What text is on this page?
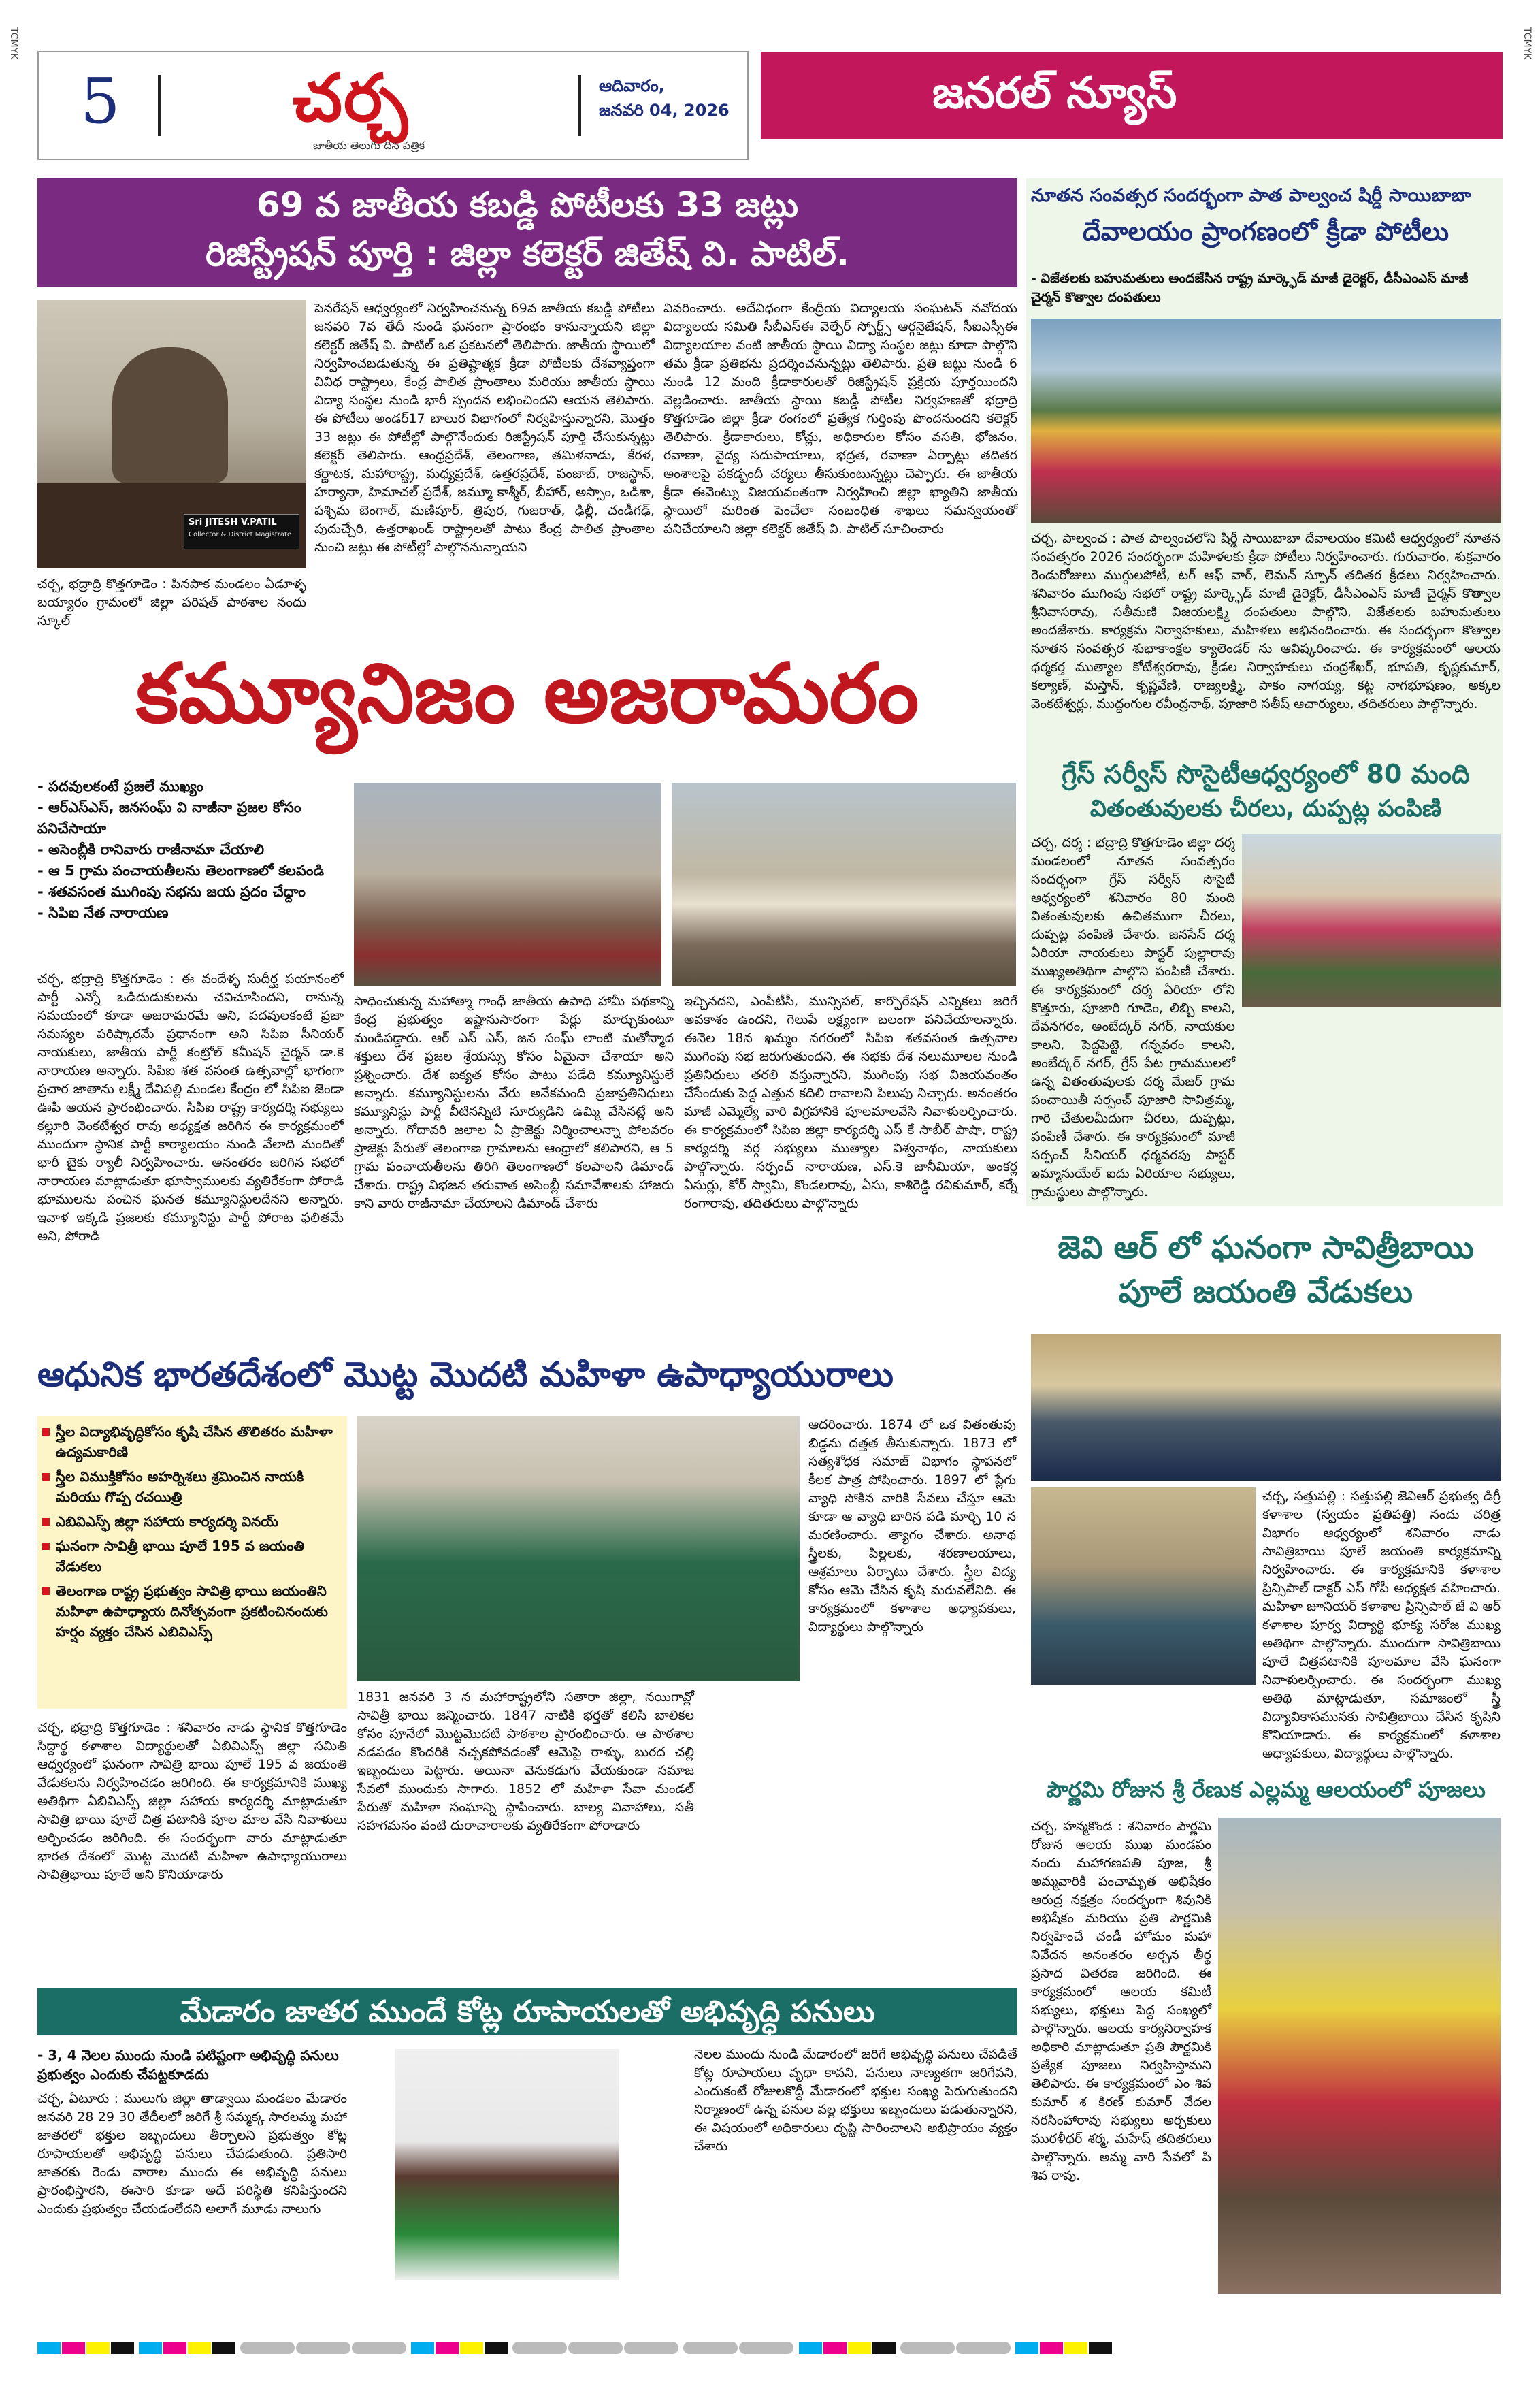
5	చర్చ
జాతీయ తెలుగు దిన పత్రిక
ఆదివారం,
జనవరి 04, 2026	జనరల్ న్యూస్
TCMYK	TCMYK
69 వ జాతీయ కబడ్డి పోటీలకు 33 జట్లు
రిజిస్ట్రేషన్ పూర్తి : జిల్లా కలెక్టర్ జితేష్ వి. పాటిల్.
Sri JITESH V.PATIL
Collector & District Magistrate
చర్చ, భద్రాద్రి కొత్తగూడెం : పినపాక మండలం ఏడూళ్ళ బయ్యారం గ్రామంలో జిల్లా పరిషత్ పాఠశాల నందు స్కూల్
పెనరేషన్ ఆధ్వర్యంలో నిర్వహించనున్న 69వ జాతీయ కబడ్డీ పోటీలు జనవరి 7వ తేదీ నుండి ఘనంగా ప్రారంభం కానున్నాయని జిల్లా కలెక్టర్ జితేష్ వి. పాటిల్ ఒక ప్రకటనలో తెలిపారు. జాతీయ స్థాయిలో నిర్వహించబడుతున్న ఈ ప్రతిష్టాత్మక క్రీడా పోటీలకు దేశవ్యాప్తంగా వివిధ రాష్ట్రాలు, కేంద్ర పాలిత ప్రాంతాలు మరియు జాతీయ స్థాయి విద్యా సంస్థల నుండి భారీ స్పందన లభించిందని ఆయన తెలిపారు. ఈ పోటీలు అండర్17 బాలుర విభాగంలో నిర్వహిస్తున్నారని, మొత్తం 33 జట్లు ఈ పోటీల్లో పాల్గొనేందుకు రిజిస్ట్రేషన్ పూర్తి చేసుకున్నట్లు కలెక్టర్ తెలిపారు. ఆంధ్రప్రదేశ్, తెలంగాణ, తమిళనాడు, కేరళ, కర్ణాటక, మహారాష్ట్ర, మధ్యప్రదేశ్, ఉత్తరప్రదేశ్, పంజాబ్, రాజస్థాన్, హర్యానా, హిమాచల్ ప్రదేశ్, జమ్మూ కాశ్మీర్, బీహార్, అస్సాం, ఒడిశా, పశ్చిమ బెంగాల్, మణిపూర్, త్రిపుర, గుజరాత్, ఢిల్లీ, చండీగఢ్, పుదుచ్చేరి, ఉత్తరాఖండ్ రాష్ట్రాలతో పాటు కేంద్ర పాలిత ప్రాంతాల నుంచి జట్లు ఈ పోటీల్లో పాల్గొననున్నాయని
వివరించారు. అదేవిధంగా కేంద్రీయ విద్యాలయ సంఘటన్ నవోదయ విద్యాలయ సమితి సీబీఎస్ఈ వెల్ఫేర్ స్పోర్ట్స్ ఆర్గనైజేషన్, సీఐఎస్సీఈ విద్యాలయాల వంటి జాతీయ స్థాయి విద్యా సంస్థల జట్లు కూడా పాల్గొని తమ క్రీడా ప్రతిభను ప్రదర్శించనున్నట్లు తెలిపారు. ప్రతి జట్టు నుండి 6 నుండి 12 మంది క్రీడాకారులతో రిజిస్ట్రేషన్ ప్రక్రియ పూర్తయిందని వెల్లడించారు. జాతీయ స్థాయి కబడ్డీ పోటీల నిర్వహణతో భద్రాద్రి కొత్తగూడెం జిల్లా క్రీడా రంగంలో ప్రత్యేక గుర్తింపు పొందనుందని కలెక్టర్ తెలిపారు. క్రీడాకారులు, కోచ్లు, అధికారుల కోసం వసతి, భోజనం, రవాణా, వైద్య సదుపాయాలు, భద్రత, రవాణా ఏర్పాట్లు తదితర అంశాలపై పకడ్బందీ చర్యలు తీసుకుంటున్నట్లు చెప్పారు. ఈ జాతీయ క్రీడా ఈవెంట్ను విజయవంతంగా నిర్వహించి జిల్లా ఖ్యాతిని జాతీయ స్థాయిలో మరింత పెంచేలా సంబంధిత శాఖలు సమన్వయంతో పనిచేయాలని జిల్లా కలెక్టర్ జితేష్ వి. పాటిల్ సూచించారు
కమ్యూనిజం అజరామరం
- పదవులకంటే ప్రజలే ముఖ్యం
- ఆర్ఎస్ఎస్, జనసంఘ్ వి నాజీనా ప్రజల కోసం పనిచేసాయా
- అసెంబ్లీకి రానివారు రాజీనామా చేయాలి
- ఆ 5 గ్రామ పంచాయతీలను తెలంగాణలో కలపండి
- శతవసంత ముగింపు సభను జయ ప్రదం చేద్దాం
- సిపిఐ నేత నారాయణ
చర్చ, భద్రాద్రి కొత్తగూడెం : ఈ వందేళ్ళ సుదీర్ఘ పయానంలో పార్టీ ఎన్నో ఒడిదుడుకులను చవిచూసిందని, రానున్న సమయంలో కూడా అజరామరమే అని, పదవులకంటే ప్రజా సమస్యల పరిష్కారమే ప్రధానంగా అని సిపిఐ సీనియర్ నాయకులు, జాతీయ పార్టీ కంట్రోల్ కమీషన్ చైర్మన్ డా.కె నారాయణ అన్నారు. సిపిఐ శత వసంత ఉత్సవాల్లో భాగంగా ప్రచార జాతాను లక్ష్మీ దేవిపల్లి మండల కేంద్రం లో సిపిఐ జెండా ఊపి ఆయన ప్రారంభించారు. సిపిఐ రాష్ట్ర కార్యదర్శి సభ్యులు కల్లూరి వెంకటేశ్వర రావు అధ్యక్షత జరిగిన ఈ కార్యక్రమంలో ముందుగా స్థానిక పార్టీ కార్యాలయం నుండి వేలాది మందితో భారీ బైకు ర్యాలీ నిర్వహించారు. అనంతరం జరిగిన సభలో నారాయణ మాట్లాడుతూ భూస్వాములకు వ్యతిరేకంగా పోరాడి భూములను పంచిన ఘనత కమ్యూనిస్టులదేనని అన్నారు. ఇవాళ ఇక్కడి ప్రజలకు కమ్యూనిస్టు పార్టీ పోరాట ఫలితమే అని, పోరాడి
సాధించుకున్న మహాత్మా గాంధీ జాతీయ ఉపాధి హామీ పథకాన్ని కేంద్ర ప్రభుత్వం ఇష్టానుసారంగా పేర్లు మార్చుకుంటూ మండిపడ్డారు. ఆర్ ఎస్ ఎస్, జన సంఘ్ లాంటి మతోన్మాద శక్తులు దేశ ప్రజల శ్రేయస్సు కోసం ఏమైనా చేశాయా అని ప్రశ్నించారు. దేశ ఐక్యత కోసం పాటు పడేది కమ్యూనిస్టులే అన్నారు. కమ్యూనిస్టులను వేరు అనేకమంది ప్రజాప్రతినిధులు కమ్యూనిస్టు పార్టీ వీటినన్నిటి సూర్యుడిని ఉమ్మి వేసినట్లే అని అన్నారు. గోదావరి జలాల ఏ ప్రాజెక్టు నిర్మించాలన్నా పోలవరం ప్రాజెక్టు పేరుతో తెలంగాణ గ్రామాలను ఆంధ్రాలో కలిపారని, ఆ 5 గ్రామ పంచాయతీలను తిరిగి తెలంగాణలో కలపాలని డిమాండ్ చేశారు. రాష్ట్ర విభజన తరువాత అసెంబ్లీ సమావేశాలకు హాజరు కాని వారు రాజీనామా చేయాలని డిమాండ్ చేశారు
ఇచ్చినదని, ఎంపీటీసీ, మున్సిపల్, కార్పొరేషన్ ఎన్నికలు జరిగే అవకాశం ఉందని, గెలుపే లక్ష్యంగా బలంగా పనిచేయాలన్నారు. ఈనెల 18న ఖమ్మం నగరంలో సిపిఐ శతవసంత ఉత్సవాల ముగింపు సభ జరుగుతుందని, ఈ సభకు దేశ నలుమూలల నుండి ప్రతినిధులు తరలి వస్తున్నారని, ముగింపు సభ విజయవంతం చేసేందుకు పెద్ద ఎత్తున కదిలి రావాలని పిలుపు నిచ్చారు. అనంతరం మాజీ ఎమ్మెల్యే వారి విగ్రహానికి పూలమాలవేసి నివాళులర్పించారు. ఈ కార్యక్రమంలో సిపిఐ జిల్లా కార్యదర్శి ఎస్ కే సాబీర్ పాషా, రాష్ట్ర కార్యదర్శి వర్గ సభ్యులు ముత్యాల విశ్వనాథం, నాయకులు పాల్గొన్నారు. సర్పంచ్ నారాయణ, ఎస్.కె జానీమియా, అంకర్ల ఏసుర్లు, కోర్ స్వామి, కొండలరావు, ఏసు, కాశిరెడ్డి రవికుమార్, కర్నే రంగారావు, తదితరులు పాల్గొన్నారు
ఆధునిక భారతదేశంలో మొట్ట మొదటి మహిళా ఉపాధ్యాయురాలు
స్త్రీల విద్యాభివృద్ధికోసం కృషి చేసిన తొలితరం మహిళా ఉద్యమకారిణి
స్త్రీల విముక్తికోసం అహర్నిశలు శ్రమించిన నాయకి మరియు గొప్ప రచయిత్రి
ఎబివిఎస్ఫ్ జిల్లా సహాయ కార్యదర్శి వినయ్
ఘనంగా సావిత్రీ భాయి పూలే 195 వ జయంతి వేడుకలు
తెలంగాణ రాష్ట్ర ప్రభుత్వం సావిత్రి భాయి జయంతిని మహిళా ఉపాధ్యాయ దినోత్సవంగా ప్రకటించినందుకు హర్షం వ్యక్తం చేసిన ఎబివిఎస్ఫ్
చర్చ, భద్రాద్రి కొత్తగూడెం : శనివారం నాడు స్థానిక కొత్తగూడెం సిద్దార్థ కళాశాల విద్యార్థులతో ఏబివిఎస్ఫ్ జిల్లా సమితి ఆధ్వర్యంలో ఘనంగా సావిత్రి భాయి పూలే 195 వ జయంతి వేడుకలను నిర్వహించడం జరిగింది. ఈ కార్యక్రమానికి ముఖ్య అతిథిగా ఏబివిఎస్ఫ్ జిల్లా సహాయ కార్యదర్శి మాట్లాడుతూ సావిత్రి భాయి పూలే చిత్ర పటానికి పూల మాల వేసి నివాళులు అర్పించడం జరిగింది. ఈ సందర్భంగా వారు మాట్లాడుతూ భారత దేశంలో మొట్ట మొదటి మహిళా ఉపాధ్యాయురాలు సావిత్రిభాయి పూలే అని కొనియాడారు
1831 జనవరి 3 న మహారాష్ట్రలోని సతారా జిల్లా, నయిగావ్లో సావిత్రీ భాయి జన్మించారు. 1847 నాటికి భర్తతో కలిసి బాలికల కోసం పూనేలో మొట్టమొదటి పాఠశాల ప్రారంభించారు. ఆ పాఠశాల నడపడం కొందరికి నచ్చకపోవడంతో ఆమెపై రాళ్ళు, బురద చల్లి ఇబ్బందులు పెట్టారు. అయినా వెనుకడుగు వేయకుండా సమాజ సేవలో ముందుకు సాగారు. 1852 లో మహిళా సేవా మండల్ పేరుతో మహిళా సంఘాన్ని స్థాపించారు. బాల్య వివాహాలు, సతీ సహగమనం వంటి దురాచారాలకు వ్యతిరేకంగా పోరాడారు
ఆదరించారు. 1874 లో ఒక వితంతువు బిడ్డను దత్తత తీసుకున్నారు. 1873 లో సత్యశోధక సమాజ్ విభాగం స్థాపనలో కీలక పాత్ర పోషించారు. 1897 లో ప్లేగు వ్యాధి సోకిన వారికి సేవలు చేస్తూ ఆమె కూడా ఆ వ్యాధి బారిన పడి మార్చి 10 న మరణించారు. త్యాగం చేశారు. అనాథ స్త్రీలకు, పిల్లలకు, శరణాలయాలు, ఆశ్రమాలు ఏర్పాటు చేశారు. స్త్రీల విద్య కోసం ఆమె చేసిన కృషి మరువలేనిది. ఈ కార్యక్రమంలో కళాశాల అధ్యాపకులు, విద్యార్థులు పాల్గొన్నారు
మేడారం జాతర ముందే కోట్ల రూపాయలతో అభివృద్ధి పనులు
- 3, 4 నెలల ముందు నుండి పటిష్టంగా అభివృద్ధి పనులు ప్రభుత్వం ఎందుకు చేపట్టకూడదు
చర్చ, ఏటూరు : ములుగు జిల్లా తాడ్వాయి మండలం మేడారం జనవరి 28 29 30 తేదీలలో జరిగే శ్రీ సమ్మక్క సారలమ్మ మహా జాతరలో భక్తుల ఇబ్బందులు తీర్చాలని ప్రభుత్వం కోట్ల రూపాయలతో అభివృద్ధి పనులు చేపడుతుంది. ప్రతిసారి జాతరకు రెండు వారాల ముందు ఈ అభివృద్ధి పనులు ప్రారంభిస్తారని, ఈసారి కూడా అదే పరిస్థితి కనిపిస్తుందని ఎందుకు ప్రభుత్వం చేయడంలేదని అలాగే మూడు నాలుగు
నెలల ముందు నుండి మేడారంలో జరిగే అభివృద్ధి పనులు చేపడితే కోట్ల రూపాయలు వృధా కావని, పనులు నాణ్యతగా జరిగేవని, ఎందుకంటే రోజులకొద్దీ మేడారంలో భక్తుల సంఖ్య పెరుగుతుందని నిర్మాణంలో ఉన్న పనుల వల్ల భక్తులు ఇబ్బందులు పడుతున్నారని, ఈ విషయంలో అధికారులు దృష్టి సారించాలని అభిప్రాయం వ్యక్తం చేశారు
నూతన సంవత్సర సందర్భంగా పాత పాల్వంచ షిర్డీ సాయిబాబా
దేవాలయం ప్రాంగణంలో క్రీడా పోటీలు
- విజేతలకు బహుమతులు అందజేసిన రాష్ట్ర మార్క్ఫెడ్ మాజీ డైరెక్టర్, డీసీఎంఎస్ మాజీ చైర్మన్ కొత్వాల దంపతులు
చర్చ, పాల్వంచ : పాత పాల్వంచలోని షిర్డీ సాయిబాబా దేవాలయం కమిటీ ఆధ్వర్యంలో నూతన సంవత్సరం 2026 సందర్భంగా మహిళలకు క్రీడా పోటీలు నిర్వహించారు. గురువారం, శుక్రవారం రెండురోజులు ముగ్గులపోటీ, టగ్ ఆఫ్ వార్, లెమన్ స్పూన్ తదితర క్రీడలు నిర్వహించారు. శనివారం ముగింపు సభలో రాష్ట్ర మార్క్ఫెడ్ మాజీ డైరెక్టర్, డీసీఎంఎస్ మాజీ చైర్మన్ కొత్వాల శ్రీనివాసరావు, సతీమణి విజయలక్ష్మి దంపతులు పాల్గొని, విజేతలకు బహుమతులు అందజేశారు. కార్యక్రమ నిర్వాహకులు, మహిళలు అభినందించారు. ఈ సందర్భంగా కొత్వాల నూతన సంవత్సర శుభాకాంక్షల క్యాలెండర్ ను ఆవిష్కరించారు. ఈ కార్యక్రమంలో ఆలయ ధర్మకర్త ముత్యాల కోటేశ్వరరావు, క్రీడల నిర్వాహకులు చంద్రశేఖర్, భూపతి, కృష్ణకుమార్, కల్యాణ్, మస్తాన్, కృష్ణవేణి, రాజ్యలక్ష్మి, పాకం నాగయ్య, కట్ట నాగభూషణం, అక్కల వెంకటేశ్వర్లు, ముద్దంగుల రవీంద్రనాథ్, పూజారి సతీష్ ఆచార్యులు, తదితరులు పాల్గొన్నారు.
గ్రేస్ సర్వీస్ సొసైటీఆధ్వర్యంలో 80 మంది
వితంతువులకు చీరలు, దుప్పట్ల పంపిణి
చర్చ, దర్శ : భద్రాద్రి కొత్తగూడెం జిల్లా దర్శ మండలంలో నూతన సంవత్సరం సందర్భంగా గ్రేస్ సర్వీస్ సొసైటీ ఆధ్వర్యంలో శనివారం 80 మంది వితంతువులకు ఉచితముగా చీరలు, దుప్పట్ల పంపిణి చేశారు. జనసేన్ దర్శ ఏరియా నాయకులు పాస్టర్ పుల్లారావు ముఖ్యఅతిథిగా పాల్గొని పంపిణీ చేశారు. ఈ కార్యక్రమంలో దర్శ ఏరియా లోని కొత్తూరు, పూజారి గూడెం, లిబ్బి కాలని, దేవనగరం, అంబేద్కర్ నగర్, నాయకుల కాలని, పెద్దపెట్టె, గన్నవరం కాలని, అంబేద్కర్ నగర్, గ్రేస్ పేట గ్రామములలో ఉన్న వితంతువులకు దర్శ మేజర్ గ్రామ పంచాయితీ సర్పంచ్ పూజారి సావిత్రమ్మ, గారి చేతులమీదుగా చీరలు, దుప్పట్లు, పంపిణీ చేశారు. ఈ కార్యక్రమంలో మాజీ సర్పంచ్ సీనియర్ ధర్మవరపు పాస్టర్ ఇమ్మానుయేల్ ఐదు ఏరియాల సభ్యులు, గ్రామస్థులు పాల్గొన్నారు.
జెవి ఆర్ లో ఘనంగా సావిత్రీబాయి
పూలే జయంతి వేడుకలు
చర్చ, సత్తుపల్లి : సత్తుపల్లి జెవిఆర్ ప్రభుత్వ డిగ్రీ కళాశాల (స్వయం ప్రతిపత్తి) నందు చరిత్ర విభాగం ఆధ్వర్యంలో శనివారం నాడు సావిత్రిబాయి పూలే జయంతి కార్యక్రమాన్ని నిర్వహించారు. ఈ కార్యక్రమానికి కళాశాల ప్రిన్సిపాల్ డాక్టర్ ఎస్ గోపీ అధ్యక్షత వహించారు. మహిళా జూనియర్ కళాశాల ప్రిన్సిపాల్ జే వి ఆర్ కళాశాల పూర్వ విద్యార్థి భూక్య సరోజ ముఖ్య అతిథిగా పాల్గొన్నారు. ముందుగా సావిత్రిబాయి పూలే చిత్రపటానికి పూలమాల వేసి ఘనంగా నివాళులర్పించారు. ఈ సందర్భంగా ముఖ్య అతిథి మాట్లాడుతూ, సమాజంలో స్త్రీ విద్యావికాసమునకు సావిత్రిబాయి చేసిన కృషిని కొనియాడారు. ఈ కార్యక్రమంలో కళాశాల అధ్యాపకులు, విద్యార్థులు పాల్గొన్నారు.
పౌర్ణమి రోజున శ్రీ రేణుక ఎల్లమ్మ ఆలయంలో పూజలు
చర్చ, హన్మకొండ : శనివారం పౌర్ణమి రోజున ఆలయ ముఖ మండపం నందు మహాగణపతి పూజ, శ్రీ అమ్మవారికి పంచామృత అభిషేకం ఆరుద్ర నక్షత్రం సందర్భంగా శివునికి అభిషేకం మరియు ప్రతి పౌర్ణమికి నిర్వహించే చండీ హోమం మహా నివేదన అనంతరం అర్చన తీర్థ ప్రసాద వితరణ జరిగింది. ఈ కార్యక్రమంలో ఆలయ కమిటీ సభ్యులు, భక్తులు పెద్ద సంఖ్యలో పాల్గొన్నారు. ఆలయ కార్యనిర్వాహక అధికారి మాట్లాడుతూ ప్రతి పౌర్ణమికి ప్రత్యేక పూజలు నిర్వహిస్తామని తెలిపారు. ఈ కార్యక్రమంలో ఎం శివ కుమార్ శ కిరణ్ కుమార్ వేదల నరసింహారావు సభ్యులు అర్చకులు మురళీధర్ శర్మ, మహేష్ తదితరులు పాల్గొన్నారు. అమ్మ వారి సేవలో పి శివ రావు.
